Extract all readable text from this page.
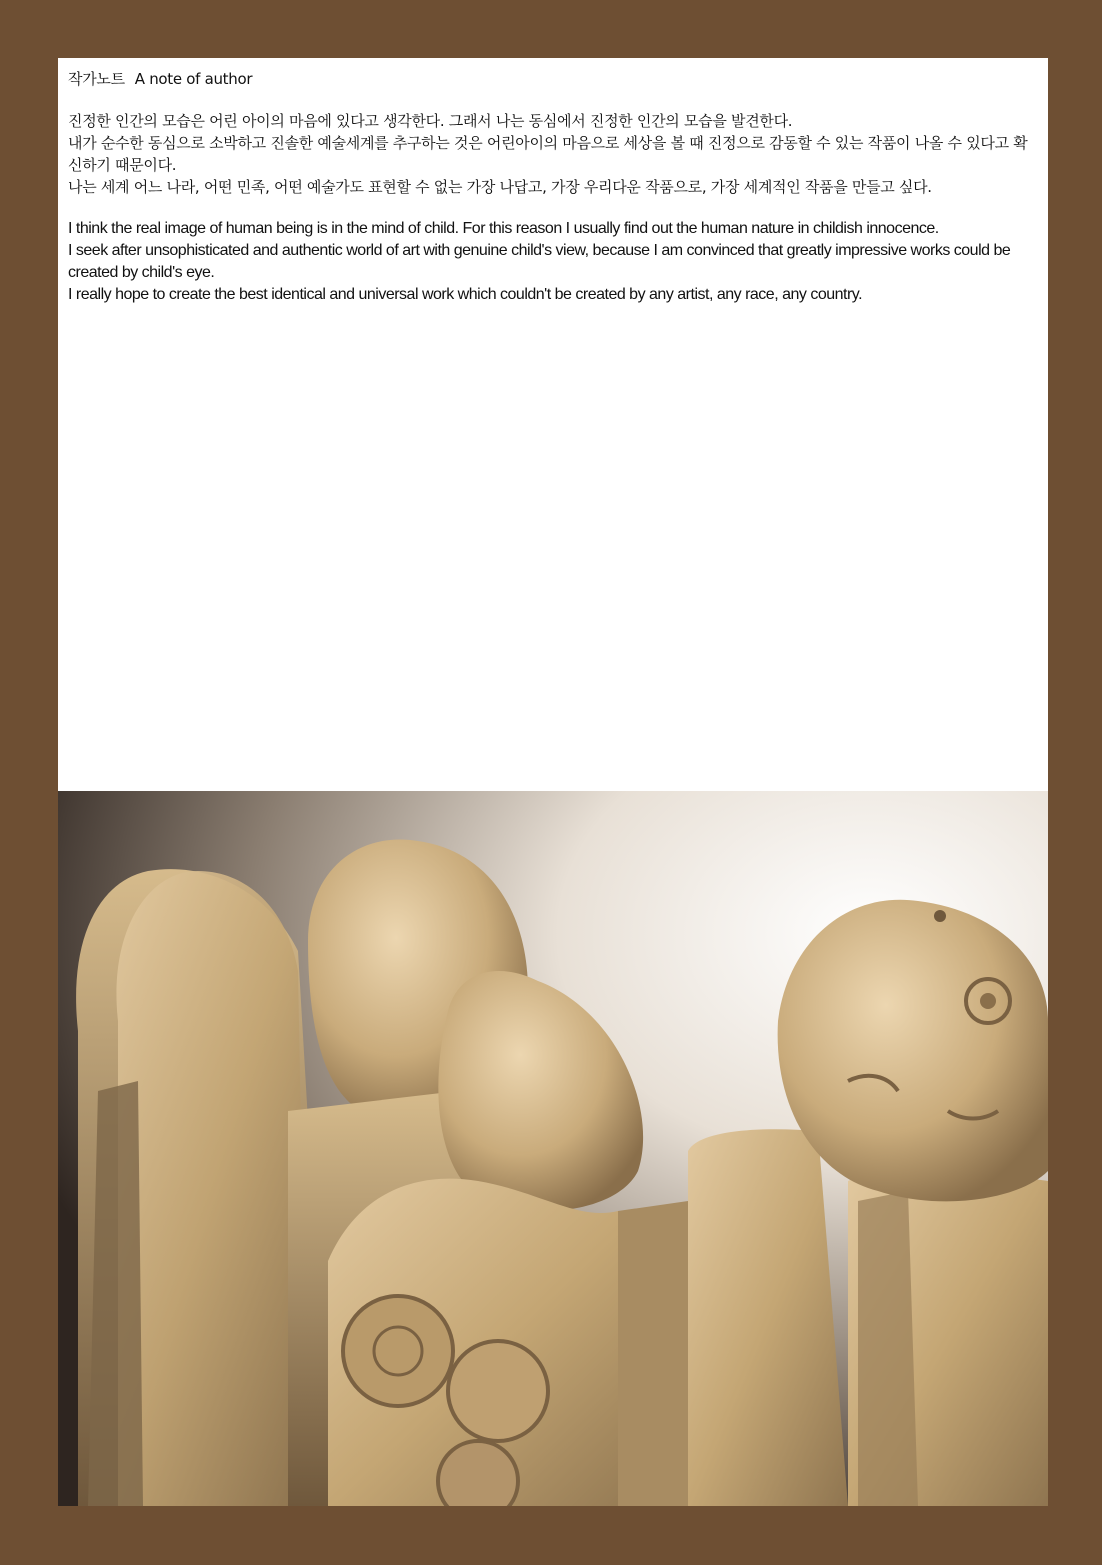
작가노트 A note of author

진정한 인간의 모습은 어린 아이의 마음에 있다고 생각한다. 그래서 나는 동심에서 진정한 인간의 모습을 발견한다.

내가 순수한 동심으로 소박하고 진솔한 예술세계를 추구하는 것은 어린아이의 마음으로 세상을 볼 때 진정으로 감동할 수 있는 작품이 나올 수 있다고 확신하기 때문이다.

나는 세계 어느 나라, 어떤 민족, 어떤 예술가도 표현할 수 없는 가장 나답고, 가장 우리다운 작품으로, 가장 세계적인 작품을 만들고 싶다.

I think the real image of human being is in the mind of child. For this reason I usually find out the human nature in childish innocence.

I seek after unsophisticated and authentic world of art with genuine child's view, because I am convinced that greatly impressive works could be created by child's eye.

I really hope to create the best identical and universal work which couldn't be created by any artist, any race, any country.
